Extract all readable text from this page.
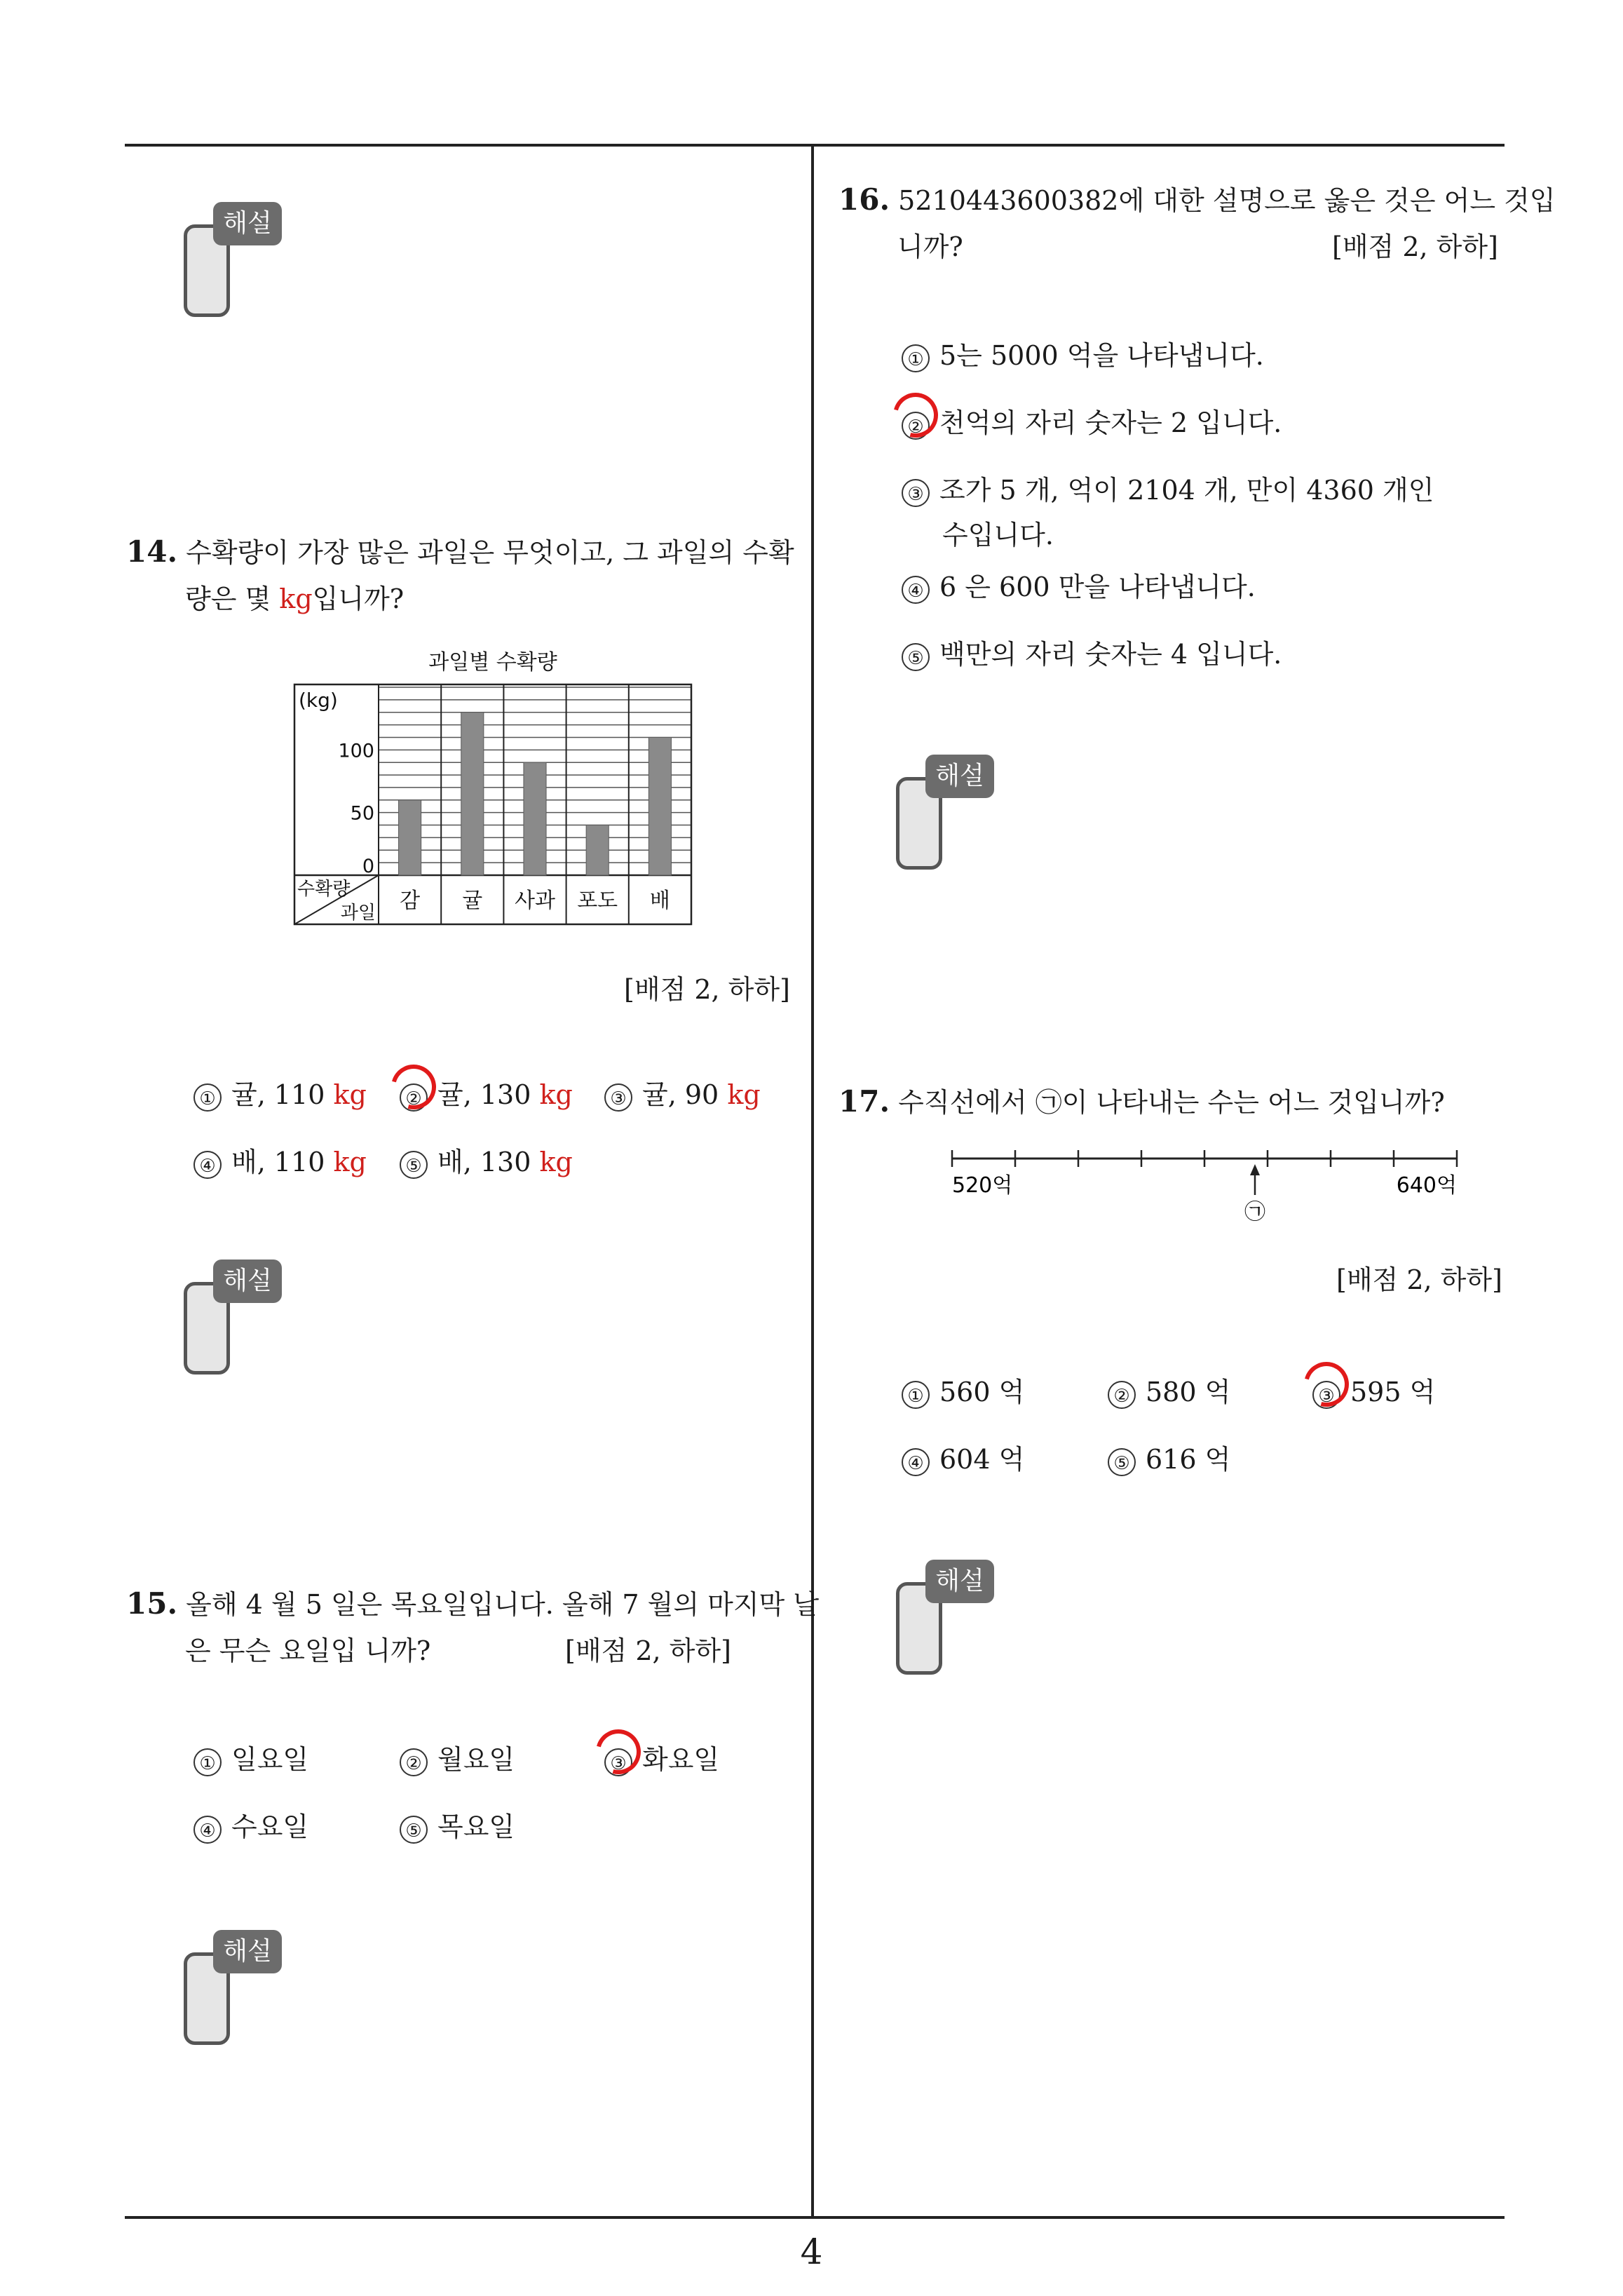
4
해설
해설
해설
해설
해설
14. 수확량이 가장 많은 과일은 무엇이고, 그 과일의 수확
량은 몇 kg입니까?
과일별 수확량
(kg)
0
50
100
감 귤 사과 포도 배
수확량
과일
[배점 2, 하하]
① 귤, 110 kg	② 귤, 130 kg	③ 귤, 90 kg
④ 배, 110 kg	⑤ 배, 130 kg
15. 올해 4 월 5 일은 목요일입니다. 올해 7 월의 마지막 날
은 무슨 요일입 니까?	[배점 2, 하하]
① 일요일	② 월요일	③ 화요일
④ 수요일	⑤ 목요일
16. 5210443600382에 대한 설명으로 옳은 것은 어느 것입
니까?	[배점 2, 하하]
① 5는 5000 억을 나타냅니다.
② 천억의 자리 숫자는 2 입니다.
③ 조가 5 개, 억이 2104 개, 만이 4360 개인
수입니다.
④ 6 은 600 만을 나타냅니다.
⑤ 백만의 자리 숫자는 4 입니다.
17. 수직선에서 ㉠이 나타내는 수는 어느 것입니까?
520억	640억
㉠
[배점 2, 하하]
① 560 억	② 580 억	③ 595 억
④ 604 억	⑤ 616 억
